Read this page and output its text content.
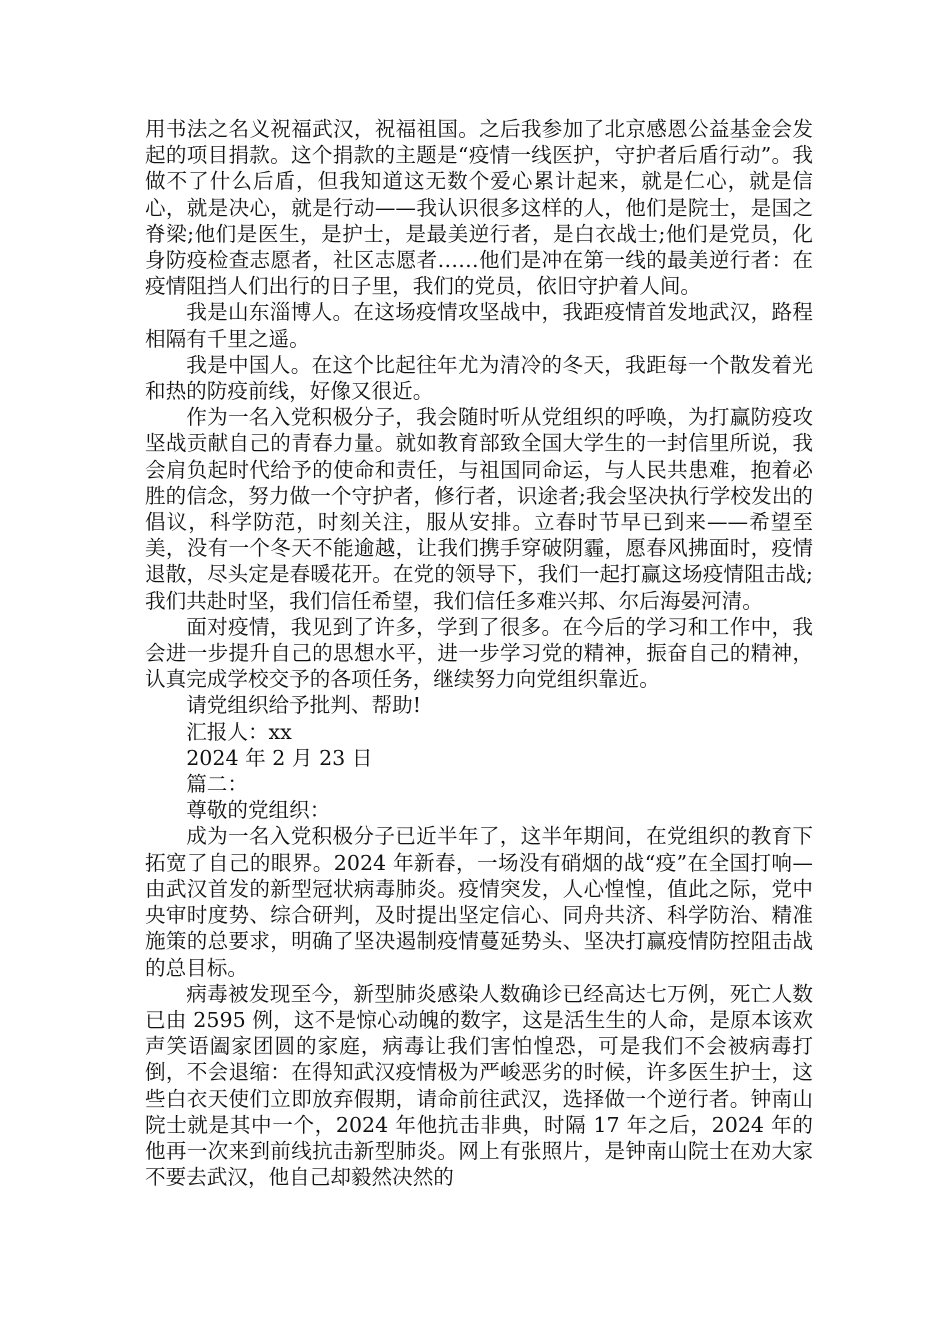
用书法之名义祝福武汉，祝福祖国。之后我参加了北京感恩公益基金会发起的项目捐款。这个捐款的主题是“疫情一线医护，守护者后盾行动”。我做不了什么后盾，但我知道这无数个爱心累计起来，就是仁心，就是信心，就是决心，就是行动——我认识很多这样的人，他们是院士，是国之脊梁;他们是医生，是护士，是最美逆行者，是白衣战士;他们是党员，化身防疫检查志愿者，社区志愿者……他们是冲在第一线的最美逆行者：在疫情阻挡人们出行的日子里，我们的党员，依旧守护着人间。

我是山东淄博人。在这场疫情攻坚战中，我距疫情首发地武汉，路程相隔有千里之遥。

我是中国人。在这个比起往年尤为清冷的冬天，我距每一个散发着光和热的防疫前线，好像又很近。

作为一名入党积极分子，我会随时听从党组织的呼唤，为打赢防疫攻坚战贡献自己的青春力量。就如教育部致全国大学生的一封信里所说，我会肩负起时代给予的使命和责任，与祖国同命运，与人民共患难，抱着必胜的信念，努力做一个守护者，修行者，识途者;我会坚决执行学校发出的倡议，科学防范，时刻关注，服从安排。立春时节早已到来——希望至美，没有一个冬天不能逾越，让我们携手穿破阴霾，愿春风拂面时，疫情退散，尽头定是春暖花开。在党的领导下，我们一起打赢这场疫情阻击战;我们共赴时坚，我们信任希望，我们信任多难兴邦、尔后海晏河清。

面对疫情，我见到了许多，学到了很多。在今后的学习和工作中，我会进一步提升自己的思想水平，进一步学习党的精神，振奋自己的精神，认真完成学校交予的各项任务，继续努力向党组织靠近。

请党组织给予批判、帮助!

汇报人：xx

2024 年 2 月 23 日

篇二：

尊敬的党组织：

成为一名入党积极分子已近半年了，这半年期间，在党组织的教育下拓宽了自己的眼界。2024 年新春，一场没有硝烟的战“疫”在全国打响—由武汉首发的新型冠状病毒肺炎。疫情突发，人心惶惶，值此之际，党中央审时度势、综合研判，及时提出坚定信心、同舟共济、科学防治、精准施策的总要求，明确了坚决遏制疫情蔓延势头、坚决打赢疫情防控阻击战的总目标。

病毒被发现至今，新型肺炎感染人数确诊已经高达七万例，死亡人数已由 2595 例，这不是惊心动魄的数字，这是活生生的人命，是原本该欢声笑语阖家团圆的家庭，病毒让我们害怕惶恐，可是我们不会被病毒打倒，不会退缩：在得知武汉疫情极为严峻恶劣的时候，许多医生护士，这些白衣天使们立即放弃假期，请命前往武汉，选择做一个逆行者。钟南山院士就是其中一个，2024 年他抗击非典，时隔 17 年之后，2024 年的他再一次来到前线抗击新型肺炎。网上有张照片，是钟南山院士在劝大家不要去武汉，他自己却毅然决然的
